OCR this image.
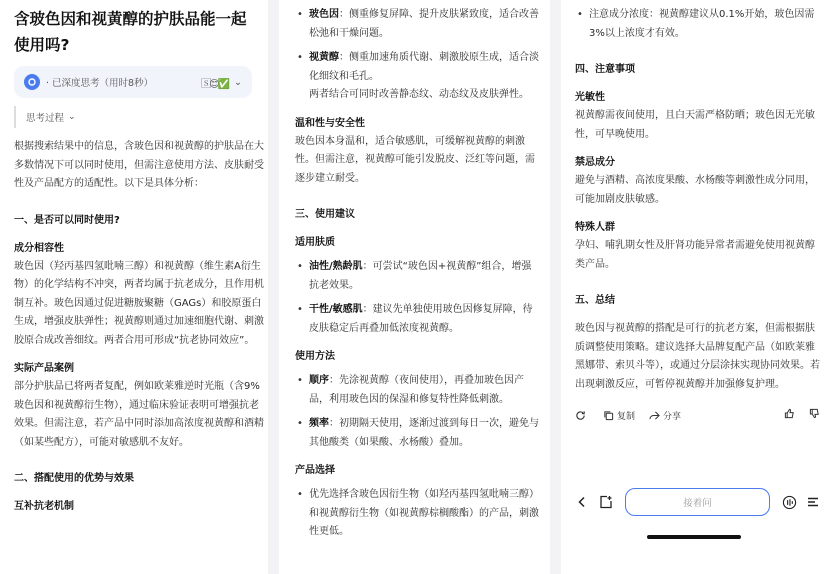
含玻色因和视黄醇的护肤品能一起使用吗?
· 已深度思考（用时8秒）	🅂😊✅ ⌄
思考过程 ⌄

根据搜索结果中的信息，含玻色因和视黄醇的护肤品在大多数情况下可以同时使用，但需注意使用方法、皮肤耐受性及产品配方的适配性。以下是具体分析：

一、是否可以同时使用?
成分相容性

玻色因（羟丙基四氢吡喃三醇）和视黄醇（维生素A衍生物）的化学结构不冲突，两者均属于抗老成分，且作用机制互补。玻色因通过促进糖胺聚糖（GAGs）和胶原蛋白生成，增强皮肤弹性；视黄醇则通过加速细胞代谢、刺激胶原合成改善细纹。两者合用可形成“抗老协同效应”。

实际产品案例

部分护肤品已将两者复配，例如欧莱雅逆时光瓶（含9%玻色因和视黄醇衍生物），通过临床验证表明可增强抗老效果。但需注意，若产品中同时添加高浓度视黄醇和酒精（如某些配方），可能对敏感肌不友好。

二、搭配使用的优势与效果
互补抗老机制
• 玻色因：侧重修复屏障、提升皮肤紧致度，适合改善松弛和干燥问题。
• 视黄醇：侧重加速角质代谢、刺激胶原生成，适合淡化细纹和毛孔。

两者结合可同时改善静态纹、动态纹及皮肤弹性。

温和性与安全性

玻色因本身温和，适合敏感肌，可缓解视黄醇的刺激性。但需注意，视黄醇可能引发脱皮、泛红等问题，需逐步建立耐受。

三、使用建议
适用肤质
• 油性/熟龄肌：可尝试“玻色因+视黄醇”组合，增强抗老效果。
• 干性/敏感肌：建议先单独使用玻色因修复屏障，待皮肤稳定后再叠加低浓度视黄醇。
使用方法
• 顺序：先涂视黄醇（夜间使用），再叠加玻色因产品，利用玻色因的保湿和修复特性降低刺激。
• 频率：初期隔天使用，逐渐过渡到每日一次，避免与其他酸类（如果酸、水杨酸）叠加。
产品选择
• 优先选择含玻色因衍生物（如羟丙基四氢吡喃三醇）和视黄醇衍生物（如视黄醇棕榈酸酯）的产品，刺激性更低。
• 注意成分浓度：视黄醇建议从0.1%开始，玻色因需3%以上浓度才有效。
四、注意事项
光敏性

视黄醇需夜间使用，且白天需严格防晒；玻色因无光敏性，可早晚使用。

禁忌成分

避免与酒精、高浓度果酸、水杨酸等刺激性成分同用，可能加剧皮肤敏感。

特殊人群

孕妇、哺乳期女性及肝肾功能异常者需避免使用视黄醇类产品。

五、总结

玻色因与视黄醇的搭配是可行的抗老方案，但需根据肤质调整使用策略。建议选择大品牌复配产品（如欧莱雅黑娜带、索贝斗等），或通过分层涂抹实现协同效果。若出现刺激反应，可暂停视黄醇并加强修复护理。

复制	分享
接着问
